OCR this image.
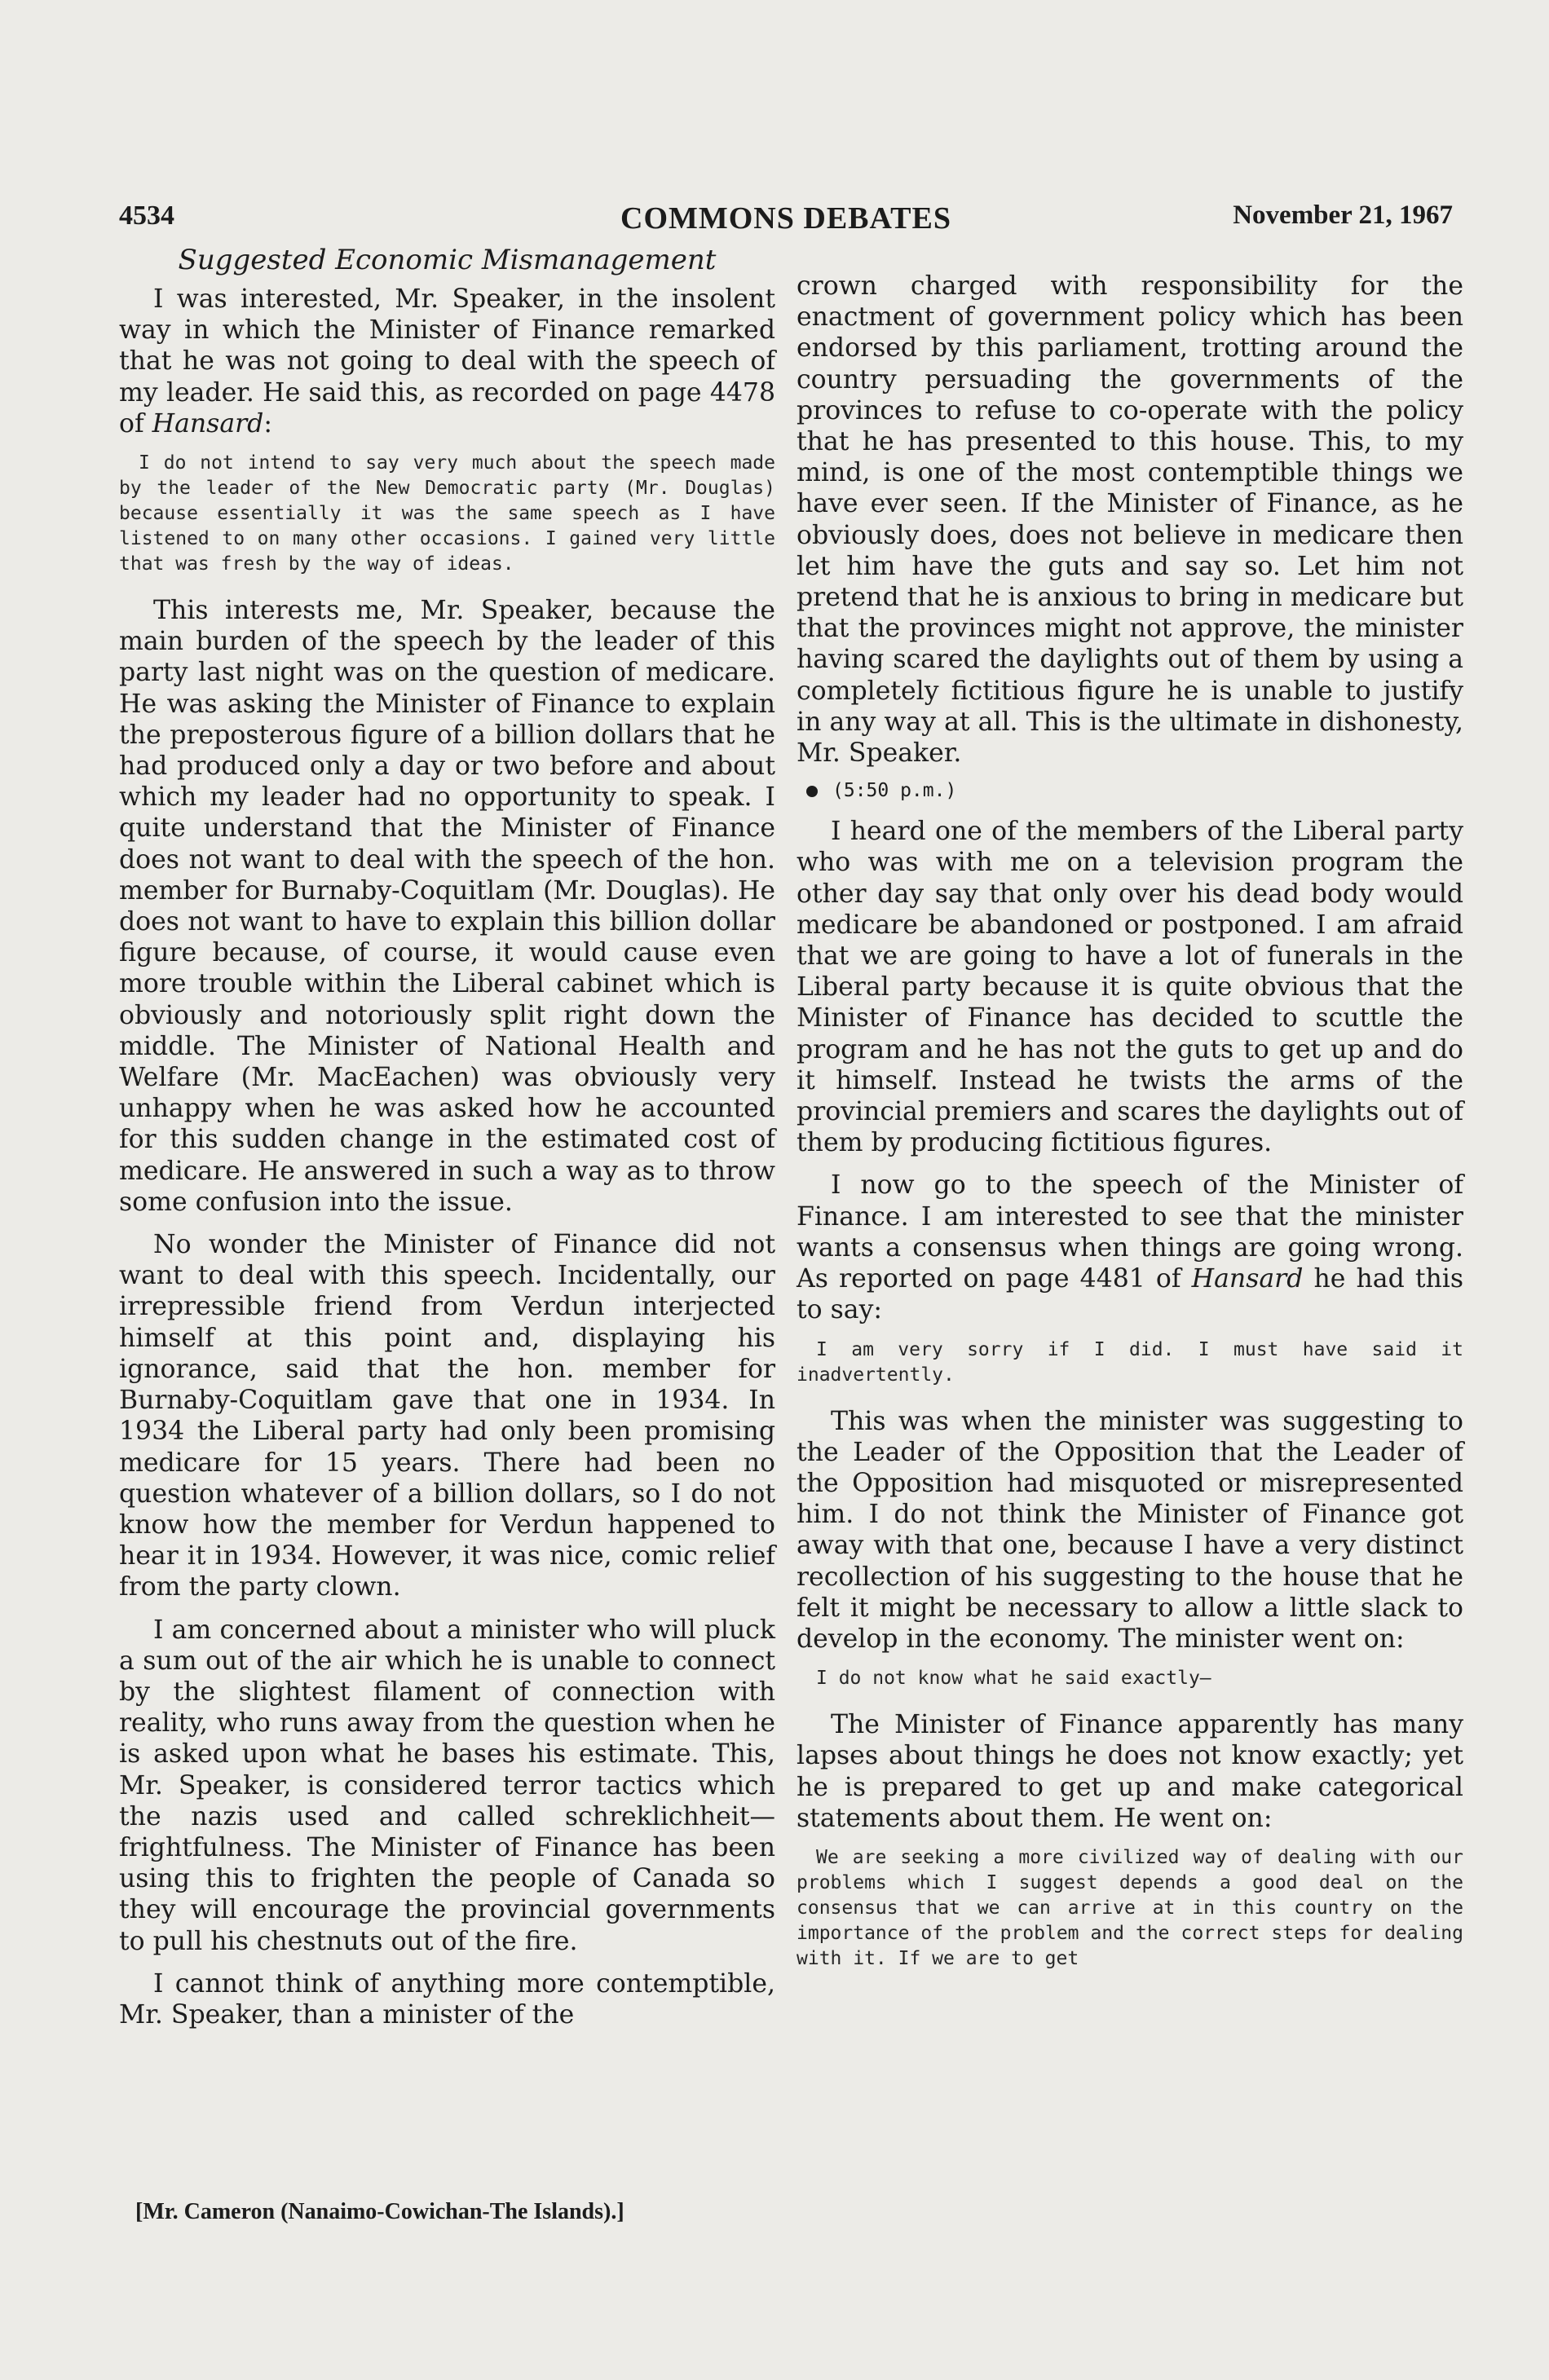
4534	COMMONS DEBATES	November 21, 1967
Suggested Economic Mismanagement

I was interested, Mr. Speaker, in the insolent way in which the Minister of Finance remarked that he was not going to deal with the speech of my leader. He said this, as recorded on page 4478 of Hansard:

I do not intend to say very much about the speech made by the leader of the New Democratic party (Mr. Douglas) because essentially it was the same speech as I have listened to on many other occasions. I gained very little that was fresh by the way of ideas.

This interests me, Mr. Speaker, because the main burden of the speech by the leader of this party last night was on the question of medicare. He was asking the Minister of Finance to explain the preposterous figure of a billion dollars that he had produced only a day or two before and about which my leader had no opportunity to speak. I quite understand that the Minister of Finance does not want to deal with the speech of the hon. member for Burnaby-Coquitlam (Mr. Douglas). He does not want to have to explain this billion dollar figure because, of course, it would cause even more trouble within the Liberal cabinet which is obviously and notoriously split right down the middle. The Minister of National Health and Welfare (Mr. MacEachen) was obviously very unhappy when he was asked how he accounted for this sudden change in the estimated cost of medicare. He answered in such a way as to throw some confusion into the issue.

No wonder the Minister of Finance did not want to deal with this speech. Incidentally, our irrepressible friend from Verdun interjected himself at this point and, displaying his ignorance, said that the hon. member for Burnaby-Coquitlam gave that one in 1934. In 1934 the Liberal party had only been promising medicare for 15 years. There had been no question whatever of a billion dollars, so I do not know how the member for Verdun happened to hear it in 1934. However, it was nice, comic relief from the party clown.

I am concerned about a minister who will pluck a sum out of the air which he is unable to connect by the slightest filament of connection with reality, who runs away from the question when he is asked upon what he bases his estimate. This, Mr. Speaker, is considered terror tactics which the nazis used and called schreklichheit—frightfulness. The Minister of Finance has been using this to frighten the people of Canada so they will encourage the provincial governments to pull his chestnuts out of the fire.

I cannot think of anything more contemptible, Mr. Speaker, than a minister of the

crown charged with responsibility for the enactment of government policy which has been endorsed by this parliament, trotting around the country persuading the governments of the provinces to refuse to co-operate with the policy that he has presented to this house. This, to my mind, is one of the most contemptible things we have ever seen. If the Minister of Finance, as he obviously does, does not believe in medicare then let him have the guts and say so. Let him not pretend that he is anxious to bring in medicare but that the provinces might not approve, the minister having scared the daylights out of them by using a completely fictitious figure he is unable to justify in any way at all. This is the ultimate in dishonesty, Mr. Speaker.

(5:50 p.m.)

I heard one of the members of the Liberal party who was with me on a television program the other day say that only over his dead body would medicare be abandoned or postponed. I am afraid that we are going to have a lot of funerals in the Liberal party because it is quite obvious that the Minister of Finance has decided to scuttle the program and he has not the guts to get up and do it himself. Instead he twists the arms of the provincial premiers and scares the daylights out of them by producing fictitious figures.

I now go to the speech of the Minister of Finance. I am interested to see that the minister wants a consensus when things are going wrong. As reported on page 4481 of Hansard he had this to say:

I am very sorry if I did. I must have said it inadvertently.

This was when the minister was suggesting to the Leader of the Opposition that the Leader of the Opposition had misquoted or misrepresented him. I do not think the Minister of Finance got away with that one, because I have a very distinct recollection of his suggesting to the house that he felt it might be necessary to allow a little slack to develop in the economy. The minister went on:

I do not know what he said exactly—

The Minister of Finance apparently has many lapses about things he does not know exactly; yet he is prepared to get up and make categorical statements about them. He went on:

We are seeking a more civilized way of dealing with our problems which I suggest depends a good deal on the consensus that we can arrive at in this country on the importance of the problem and the correct steps for dealing with it. If we are to get

[Mr. Cameron (Nanaimo-Cowichan-The Islands).]
